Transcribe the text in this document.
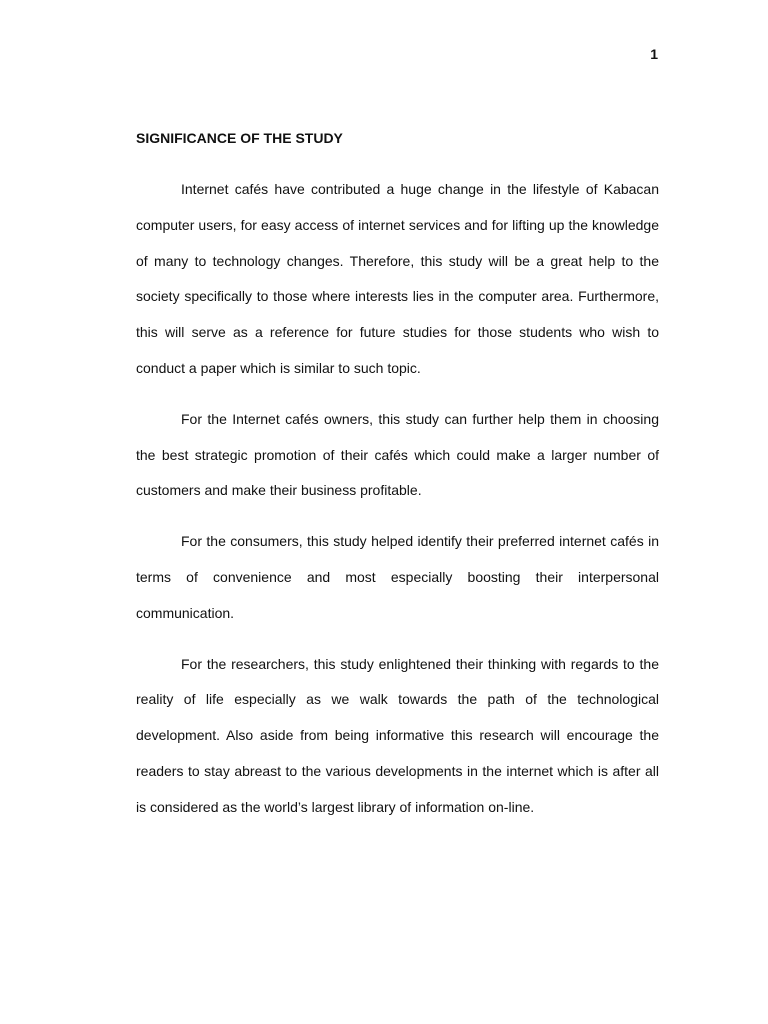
1
SIGNIFICANCE OF THE STUDY

Internet cafés have contributed a huge change in the lifestyle of Kabacan computer users, for easy access of internet services and for lifting up the knowledge of many to technology changes. Therefore, this study will be a great help to the society specifically to those where interests lies in the computer area. Furthermore, this will serve as a reference for future studies for those students who wish to conduct a paper which is similar to such topic.

For the Internet cafés owners, this study can further help them in choosing the best strategic promotion of their cafés which could make a larger number of customers and make their business profitable.

For the consumers, this study helped identify their preferred internet cafés in terms of convenience and most especially boosting their interpersonal communication.

For the researchers, this study enlightened their thinking with regards to the reality of life especially as we walk towards the path of the technological development. Also aside from being informative this research will encourage the readers to stay abreast to the various developments in the internet which is after all is considered as the world’s largest library of information on-line.
